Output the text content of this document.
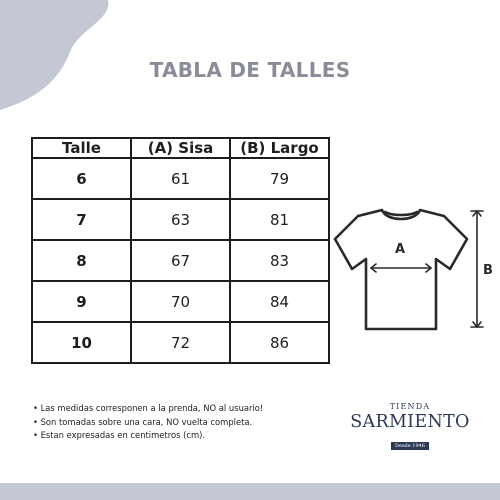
TABLA DE TALLES
Talle	(A) Sisa	(B) Largo
6	61	79
7	63	81
8	67	83
9	70	84
10	72	86
A
B
• Las medidas corresponen a la prenda, NO al usuario!
• Son tomadas sobre una cara, NO vuelta completa.
• Estan expresadas en centimetros (cm).
TIENDA
SARMIENTO
Desde 1946
